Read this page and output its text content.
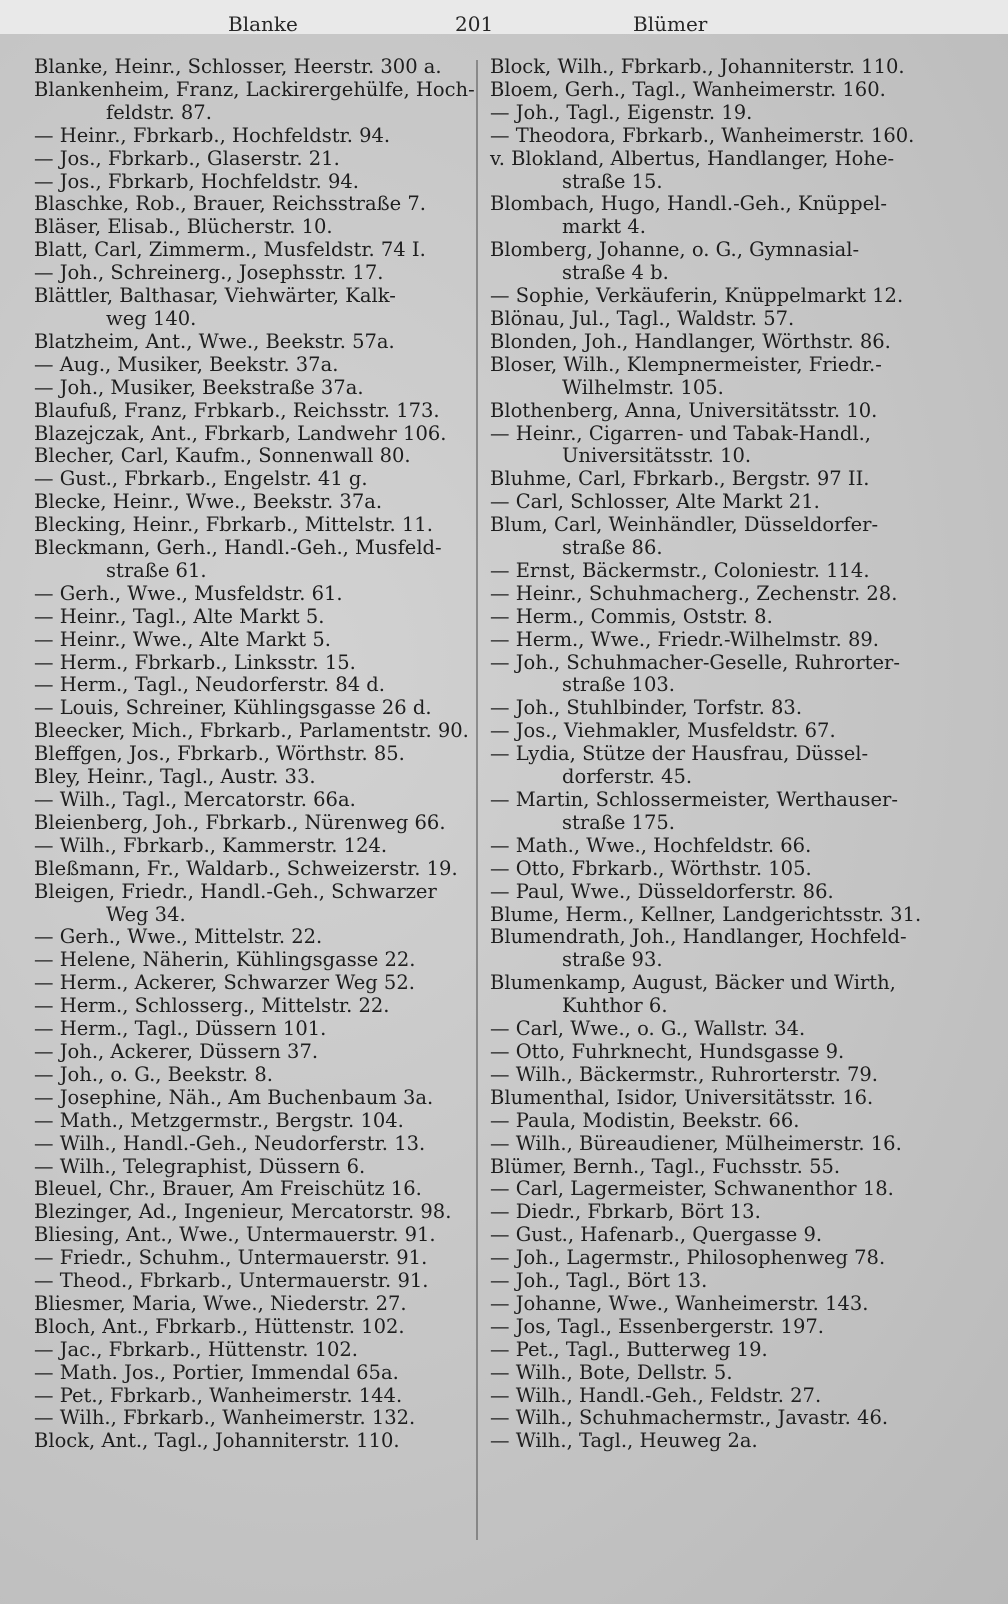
Blanke	201	Blümer
Blanke, Heinr., Schlosser, Heerstr. 300 a.
Blankenheim, Franz, Lackirergehülfe, Hoch-
feldstr. 87.
— Heinr., Fbrkarb., Hochfeldstr. 94.
— Jos., Fbrkarb., Glaserstr. 21.
— Jos., Fbrkarb, Hochfeldstr. 94.
Blaschke, Rob., Brauer, Reichsstraße 7.
Bläser, Elisab., Blücherstr. 10.
Blatt, Carl, Zimmerm., Musfeldstr. 74 I.
— Joh., Schreinerg., Josephsstr. 17.
Blättler, Balthasar, Viehwärter, Kalk-
weg 140.
Blatzheim, Ant., Wwe., Beekstr. 57a.
— Aug., Musiker, Beekstr. 37a.
— Joh., Musiker, Beekstraße 37a.
Blaufuß, Franz, Frbkarb., Reichsstr. 173.
Blazejczak, Ant., Fbrkarb, Landwehr 106.
Blecher, Carl, Kaufm., Sonnenwall 80.
— Gust., Fbrkarb., Engelstr. 41 g.
Blecke, Heinr., Wwe., Beekstr. 37a.
Blecking, Heinr., Fbrkarb., Mittelstr. 11.
Bleckmann, Gerh., Handl.-Geh., Musfeld-
straße 61.
— Gerh., Wwe., Musfeldstr. 61.
— Heinr., Tagl., Alte Markt 5.
— Heinr., Wwe., Alte Markt 5.
— Herm., Fbrkarb., Linksstr. 15.
— Herm., Tagl., Neudorferstr. 84 d.
— Louis, Schreiner, Kühlingsgasse 26 d.
Bleecker, Mich., Fbrkarb., Parlamentstr. 90.
Bleffgen, Jos., Fbrkarb., Wörthstr. 85.
Bley, Heinr., Tagl., Austr. 33.
— Wilh., Tagl., Mercatorstr. 66a.
Bleienberg, Joh., Fbrkarb., Nürenweg 66.
— Wilh., Fbrkarb., Kammerstr. 124.
Bleßmann, Fr., Waldarb., Schweizerstr. 19.
Bleigen, Friedr., Handl.-Geh., Schwarzer
Weg 34.
— Gerh., Wwe., Mittelstr. 22.
— Helene, Näherin, Kühlingsgasse 22.
— Herm., Ackerer, Schwarzer Weg 52.
— Herm., Schlosserg., Mittelstr. 22.
— Herm., Tagl., Düssern 101.
— Joh., Ackerer, Düssern 37.
— Joh., o. G., Beekstr. 8.
— Josephine, Näh., Am Buchenbaum 3a.
— Math., Metzgermstr., Bergstr. 104.
— Wilh., Handl.-Geh., Neudorferstr. 13.
— Wilh., Telegraphist, Düssern 6.
Bleuel, Chr., Brauer, Am Freischütz 16.
Blezinger, Ad., Ingenieur, Mercatorstr. 98.
Bliesing, Ant., Wwe., Untermauerstr. 91.
— Friedr., Schuhm., Untermauerstr. 91.
— Theod., Fbrkarb., Untermauerstr. 91.
Bliesmer, Maria, Wwe., Niederstr. 27.
Bloch, Ant., Fbrkarb., Hüttenstr. 102.
— Jac., Fbrkarb., Hüttenstr. 102.
— Math. Jos., Portier, Immendal 65a.
— Pet., Fbrkarb., Wanheimerstr. 144.
— Wilh., Fbrkarb., Wanheimerstr. 132.
Block, Ant., Tagl., Johanniterstr. 110.
Block, Wilh., Fbrkarb., Johanniterstr. 110.
Bloem, Gerh., Tagl., Wanheimerstr. 160.
— Joh., Tagl., Eigenstr. 19.
— Theodora, Fbrkarb., Wanheimerstr. 160.
v. Blokland, Albertus, Handlanger, Hohe-
straße 15.
Blombach, Hugo, Handl.-Geh., Knüppel-
markt 4.
Blomberg, Johanne, o. G., Gymnasial-
straße 4 b.
— Sophie, Verkäuferin, Knüppelmarkt 12.
Blönau, Jul., Tagl., Waldstr. 57.
Blonden, Joh., Handlanger, Wörthstr. 86.
Bloser, Wilh., Klempnermeister, Friedr.-
Wilhelmstr. 105.
Blothenberg, Anna, Universitätsstr. 10.
— Heinr., Cigarren- und Tabak-Handl.,
Universitätsstr. 10.
Bluhme, Carl, Fbrkarb., Bergstr. 97 II.
— Carl, Schlosser, Alte Markt 21.
Blum, Carl, Weinhändler, Düsseldorfer-
straße 86.
— Ernst, Bäckermstr., Coloniestr. 114.
— Heinr., Schuhmacherg., Zechenstr. 28.
— Herm., Commis, Oststr. 8.
— Herm., Wwe., Friedr.-Wilhelmstr. 89.
— Joh., Schuhmacher-Geselle, Ruhrorter-
straße 103.
— Joh., Stuhlbinder, Torfstr. 83.
— Jos., Viehmakler, Musfeldstr. 67.
— Lydia, Stütze der Hausfrau, Düssel-
dorferstr. 45.
— Martin, Schlossermeister, Werthauser-
straße 175.
— Math., Wwe., Hochfeldstr. 66.
— Otto, Fbrkarb., Wörthstr. 105.
— Paul, Wwe., Düsseldorferstr. 86.
Blume, Herm., Kellner, Landgerichtsstr. 31.
Blumendrath, Joh., Handlanger, Hochfeld-
straße 93.
Blumenkamp, August, Bäcker und Wirth,
Kuhthor 6.
— Carl, Wwe., o. G., Wallstr. 34.
— Otto, Fuhrknecht, Hundsgasse 9.
— Wilh., Bäckermstr., Ruhrorterstr. 79.
Blumenthal, Isidor, Universitätsstr. 16.
— Paula, Modistin, Beekstr. 66.
— Wilh., Büreaudiener, Mülheimerstr. 16.
Blümer, Bernh., Tagl., Fuchsstr. 55.
— Carl, Lagermeister, Schwanenthor 18.
— Diedr., Fbrkarb, Bört 13.
— Gust., Hafenarb., Quergasse 9.
— Joh., Lagermstr., Philosophenweg 78.
— Joh., Tagl., Bört 13.
— Johanne, Wwe., Wanheimerstr. 143.
— Jos, Tagl., Essenbergerstr. 197.
— Pet., Tagl., Butterweg 19.
— Wilh., Bote, Dellstr. 5.
— Wilh., Handl.-Geh., Feldstr. 27.
— Wilh., Schuhmachermstr., Javastr. 46.
— Wilh., Tagl., Heuweg 2a.
